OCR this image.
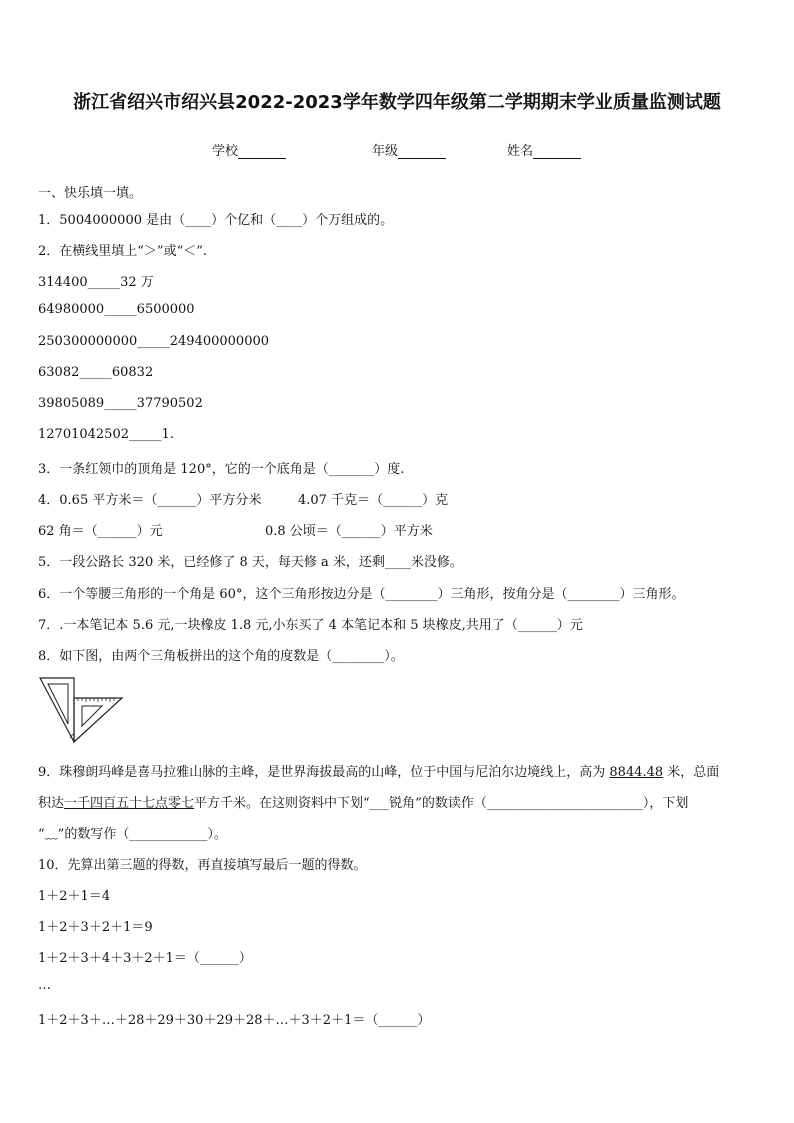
浙江省绍兴市绍兴县2022-2023学年数学四年级第二学期期末学业质量监测试题
学校	年级	姓名
一、快乐填一填。
1．5004000000 是由（____）个亿和（____）个万组成的。
2．在横线里填上“＞”或“＜”.
314400_____32 万
64980000_____6500000
250300000000_____249400000000
63082_____60832
39805089_____37790502
12701042502_____1.
3．一条红领巾的顶角是 120°，它的一个底角是（_______）度.
4．0.65 平方米＝（______）平方分米	4.07 千克＝（______）克
62 角＝（______）元	0.8 公顷＝（______）平方米
5．一段公路长 320 米，已经修了 8 天，每天修 a 米，还剩____米没修。
6．一个等腰三角形的一个角是 60°，这个三角形按边分是（________）三角形，按角分是（________）三角形。
7．.一本笔记本 5.6 元,一块橡皮 1.8 元,小东买了 4 本笔记本和 5 块橡皮,共用了（______）元
8．如下图，由两个三角板拼出的这个角的度数是（________）。
9．珠穆朗玛峰是喜马拉雅山脉的主峰，是世界海拔最高的山峰，位于中国与尼泊尔边境线上，高为 8844.48 米，总面
积达一千四百五十七点零七平方千米。在这则资料中下划“___锐角”的数读作（________________________），下划
“﹏”的数写作（____________）。
10．先算出第三题的得数，再直接填写最后一题的得数。
1＋2＋1＝4
1＋2＋3＋2＋1＝9
1＋2＋3＋4＋3＋2＋1＝（______）
…
1＋2＋3＋…＋28＋29＋30＋29＋28＋…＋3＋2＋1＝（______）
